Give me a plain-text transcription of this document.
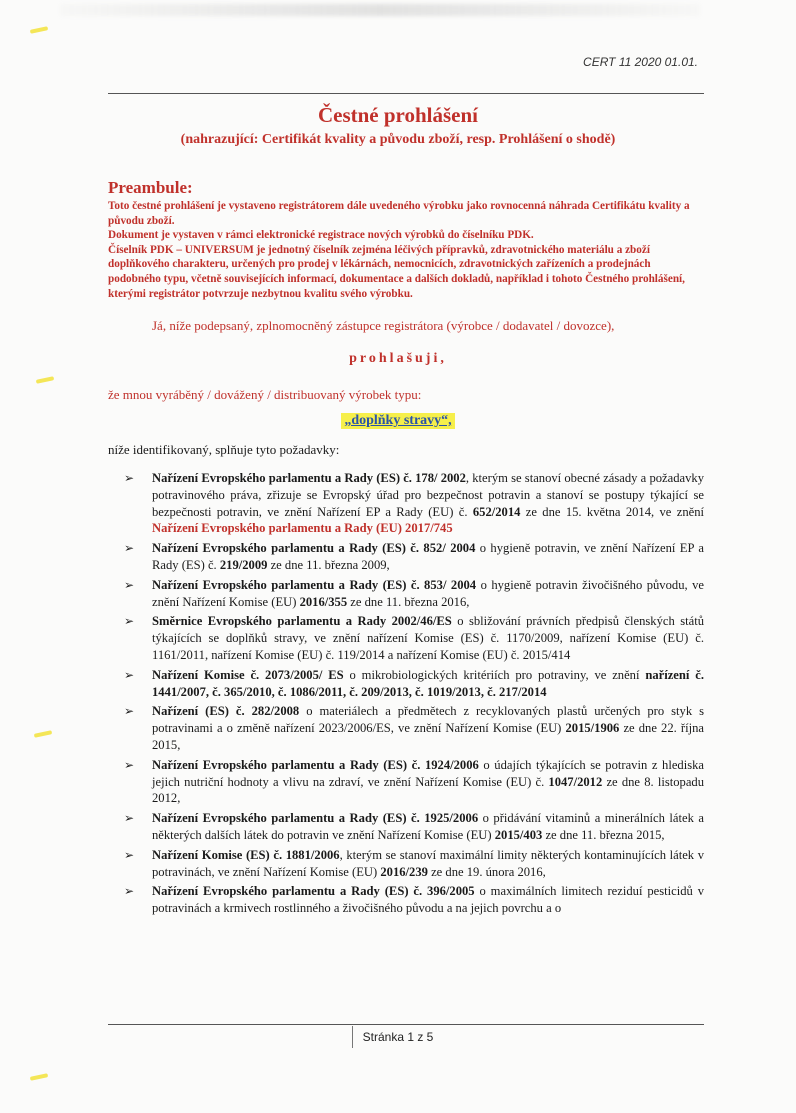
CERT 11 2020 01.01.
Čestné prohlášení
(nahrazující: Certifikát kvality a původu zboží, resp. Prohlášení o shodě)
Preambule:

Toto čestné prohlášení je vystaveno registrátorem dále uvedeného výrobku jako rovnocenná náhrada Certifikátu kvality a původu zboží.

Dokument je vystaven v rámci elektronické registrace nových výrobků do číselníku PDK.

Číselník PDK – UNIVERSUM je jednotný číselník zejména léčivých přípravků, zdravotnického materiálu a zboží doplňkového charakteru, určených pro prodej v lékárnách, nemocnicích, zdravotnických zařízeních a prodejnách podobného typu, včetně souvisejících informací, dokumentace a dalších dokladů, například i tohoto Čestného prohlášení, kterými registrátor potvrzuje nezbytnou kvalitu svého výrobku.

Já, níže podepsaný, zplnomocněný zástupce registrátora (výrobce / dodavatel / dovozce),
prohlašuji,
že mnou vyráběný / dovážený / distribuovaný výrobek typu:
„doplňky stravy“,
níže identifikovaný, splňuje tyto požadavky:
➢ Nařízení Evropského parlamentu a Rady (ES) č. 178/ 2002, kterým se stanoví obecné zásady a požadavky potravinového práva, zřizuje se Evropský úřad pro bezpečnost potravin a stanoví se postupy týkající se bezpečnosti potravin, ve znění Nařízení EP a Rady (EU) č. 652/2014 ze dne 15. května 2014, ve znění Nařízení Evropského parlamentu a Rady (EU) 2017/745
➢ Nařízení Evropského parlamentu a Rady (ES) č. 852/ 2004 o hygieně potravin, ve znění Nařízení EP a Rady (ES) č. 219/2009 ze dne 11. března 2009,
➢ Nařízení Evropského parlamentu a Rady (ES) č. 853/ 2004 o hygieně potravin živočišného původu, ve znění Nařízení Komise (EU) 2016/355 ze dne 11. března 2016,
➢ Směrnice Evropského parlamentu a Rady 2002/46/ES o sbližování právních předpisů členských států týkajících se doplňků stravy, ve znění nařízení Komise (ES) č. 1170/2009, nařízení Komise (EU) č. 1161/2011, nařízení Komise (EU) č. 119/2014 a nařízení Komise (EU) č. 2015/414
➢ Nařízení Komise č. 2073/2005/ ES o mikrobiologických kritériích pro potraviny, ve znění nařízení č. 1441/2007, č. 365/2010, č. 1086/2011, č. 209/2013, č. 1019/2013, č. 217/2014
➢ Nařízení (ES) č. 282/2008 o materiálech a předmětech z recyklovaných plastů určených pro styk s potravinami a o změně nařízení 2023/2006/ES, ve znění Nařízení Komise (EU) 2015/1906 ze dne 22. října 2015,
➢ Nařízení Evropského parlamentu a Rady (ES) č. 1924/2006 o údajích týkajících se potravin z hlediska jejich nutriční hodnoty a vlivu na zdraví, ve znění Nařízení Komise (EU) č. 1047/2012 ze dne 8. listopadu 2012,
➢ Nařízení Evropského parlamentu a Rady (ES) č. 1925/2006 o přidávání vitaminů a minerálních látek a některých dalších látek do potravin ve znění Nařízení Komise (EU) 2015/403 ze dne 11. března 2015,
➢ Nařízení Komise (ES) č. 1881/2006, kterým se stanoví maximální limity některých kontaminujících látek v potravinách, ve znění Nařízení Komise (EU) 2016/239 ze dne 19. února 2016,
➢ Nařízení Evropského parlamentu a Rady (ES) č. 396/2005 o maximálních limitech reziduí pesticidů v potravinách a krmivech rostlinného a živočišného původu a na jejich povrchu a o
Stránka 1 z 5
